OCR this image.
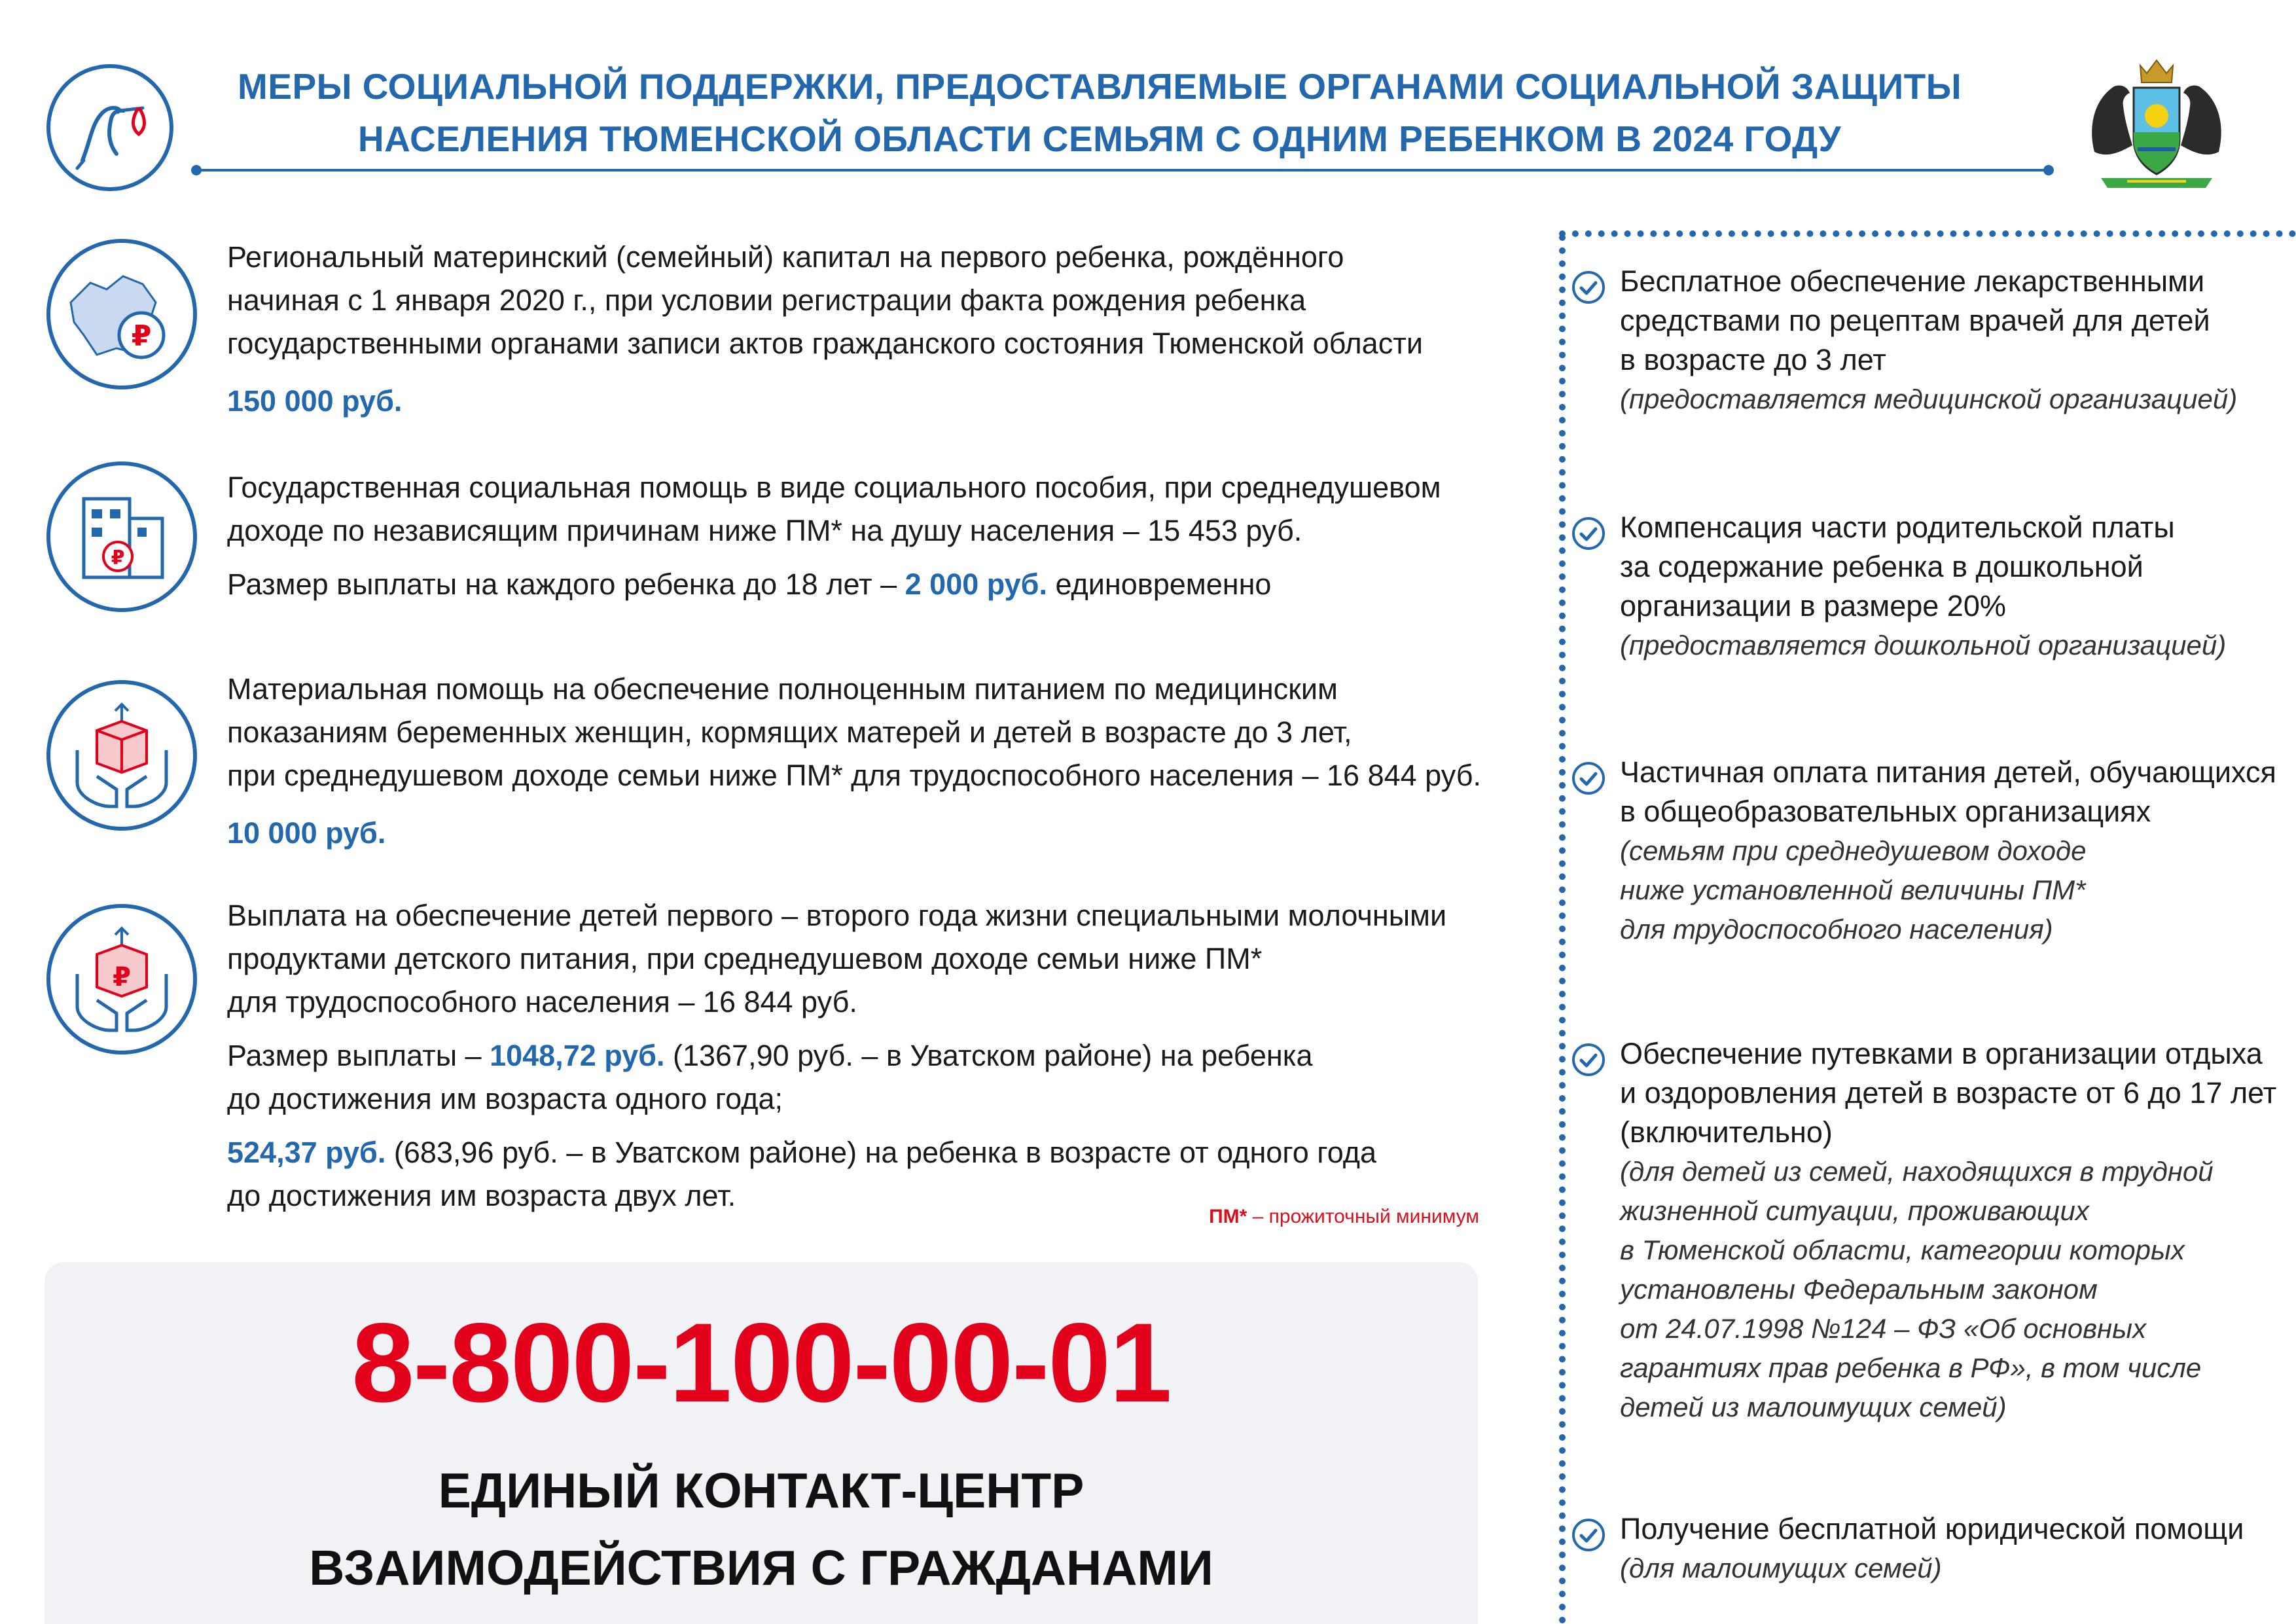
МЕРЫ СОЦИАЛЬНОЙ ПОДДЕРЖКИ, ПРЕДОСТАВЛЯЕМЫЕ ОРГАНАМИ СОЦИАЛЬНОЙ ЗАЩИТЫ
НАСЕЛЕНИЯ ТЮМЕНСКОЙ ОБЛАСТИ СЕМЬЯМ С ОДНИМ РЕБЕНКОМ В 2024 ГОДУ
₽

Региональный материнский (семейный) капитал на первого ребенка, рождённого

начиная с 1 января 2020 г., при условии регистрации факта рождения ребенка

государственными органами записи актов гражданского состояния Тюменской области

150 000 руб.

₽

Государственная социальная помощь в виде социального пособия, при среднедушевом

доходе по независящим причинам ниже ПМ* на душу населения – 15 453 руб.

Размер выплаты на каждого ребенка до 18 лет – 2 000 руб. единовременно

Материальная помощь на обеспечение полноценным питанием по медицинским

показаниям беременных женщин, кормящих матерей и детей в возрасте до 3 лет,

при среднедушевом доходе семьи ниже ПМ* для трудоспособного населения – 16 844 руб.

10 000 руб.

₽

Выплата на обеспечение детей первого – второго года жизни специальными молочными

продуктами детского питания, при среднедушевом доходе семьи ниже ПМ*

для трудоспособного населения – 16 844 руб.

Размер выплаты – 1048,72 руб. (1367,90 руб. – в Уватском районе) на ребенка

до достижения им возраста одного года;

524,37 руб. (683,96 руб. – в Уватском районе) на ребенка в возрасте от одного года

до достижения им возраста двух лет.

ПМ* – прожиточный минимум
8-800-100-00-01
ЕДИНЫЙ КОНТАКТ-ЦЕНТР
ВЗАИМОДЕЙСТВИЯ С ГРАЖДАНАМИ
Бесплатное обеспечение лекарственными
средствами по рецептам врачей для детей
в возрасте до 3 лет
(предоставляется медицинской организацией)
Компенсация части родительской платы
за содержание ребенка в дошкольной
организации в размере 20%
(предоставляется дошкольной организацией)
Частичная оплата питания детей, обучающихся
в общеобразовательных организациях
(семьям при среднедушевом доходе
ниже установленной величины ПМ*
для трудоспособного населения)
Обеспечение путевками в организации отдыха
и оздоровления детей в возрасте от 6 до 17 лет
(включительно)
(для детей из семей, находящихся в трудной
жизненной ситуации, проживающих
в Тюменской области, категории которых
установлены Федеральным законом
от 24.07.1998 №124 – ФЗ «Об основных
гарантиях прав ребенка в РФ», в том числе
детей из малоимущих семей)
Получение бесплатной юридической помощи
(для малоимущих семей)
